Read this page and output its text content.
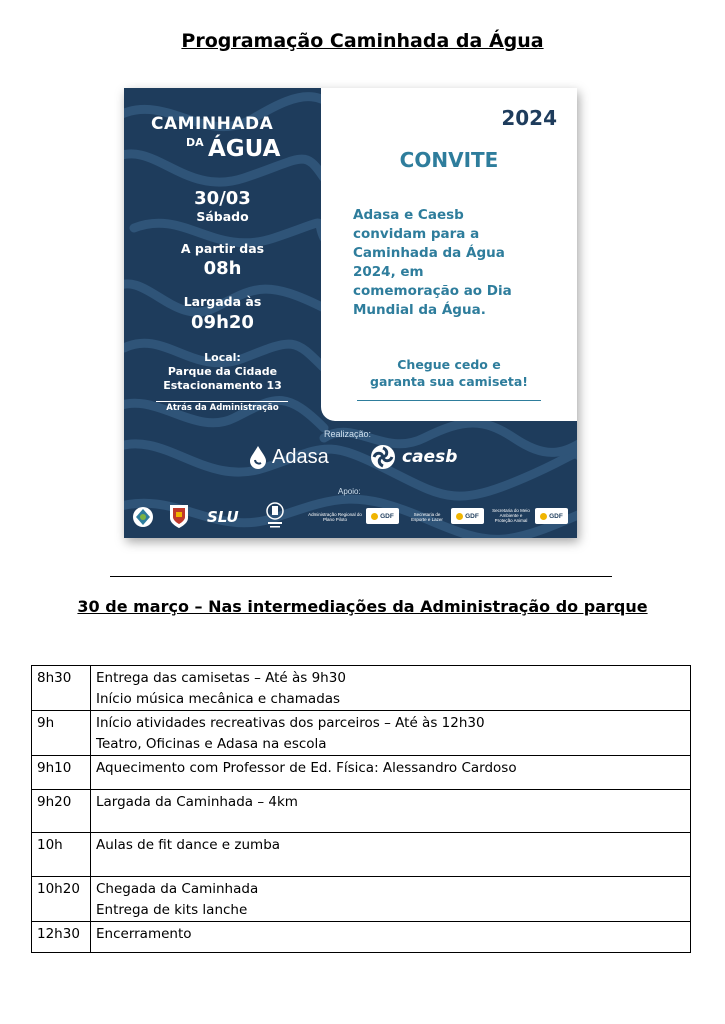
Programação Caminhada da Água
2024
CONVITE
Adasa e Caesb
convidam para a
Caminhada da Água
2024, em
comemoração ao Dia
Mundial da Água.
Chegue cedo e
garanta sua camiseta!
CAMINHADA
DA ÁGUA
30/03
Sábado
A partir das
08h
Largada às
09h20
Local:
Parque da Cidade
Estacionamento 13
Atrás da Administração
Realização:
Adasa	caesb
Apoio:
SLU	Administração Regional do Plano Piloto	GDF	Secretaria de Esporte e Lazer	GDF
Secretaria do Meio Ambiente e Proteção Animal
GDF
30 de março – Nas intermediações da Administração do parque
8h30	Entrega das camisetas – Até às 9h30
Início música mecânica e chamadas

9h	Início atividades recreativas dos parceiros – Até às 12h30
Teatro, Oficinas e Adasa na escola

9h10	Aquecimento com Professor de Ed. Física: Alessandro Cardoso

9h20	Largada da Caminhada – 4km

10h	Aulas de fit dance e zumba

10h20	Chegada da Caminhada
Entrega de kits lanche

12h30	Encerramento
